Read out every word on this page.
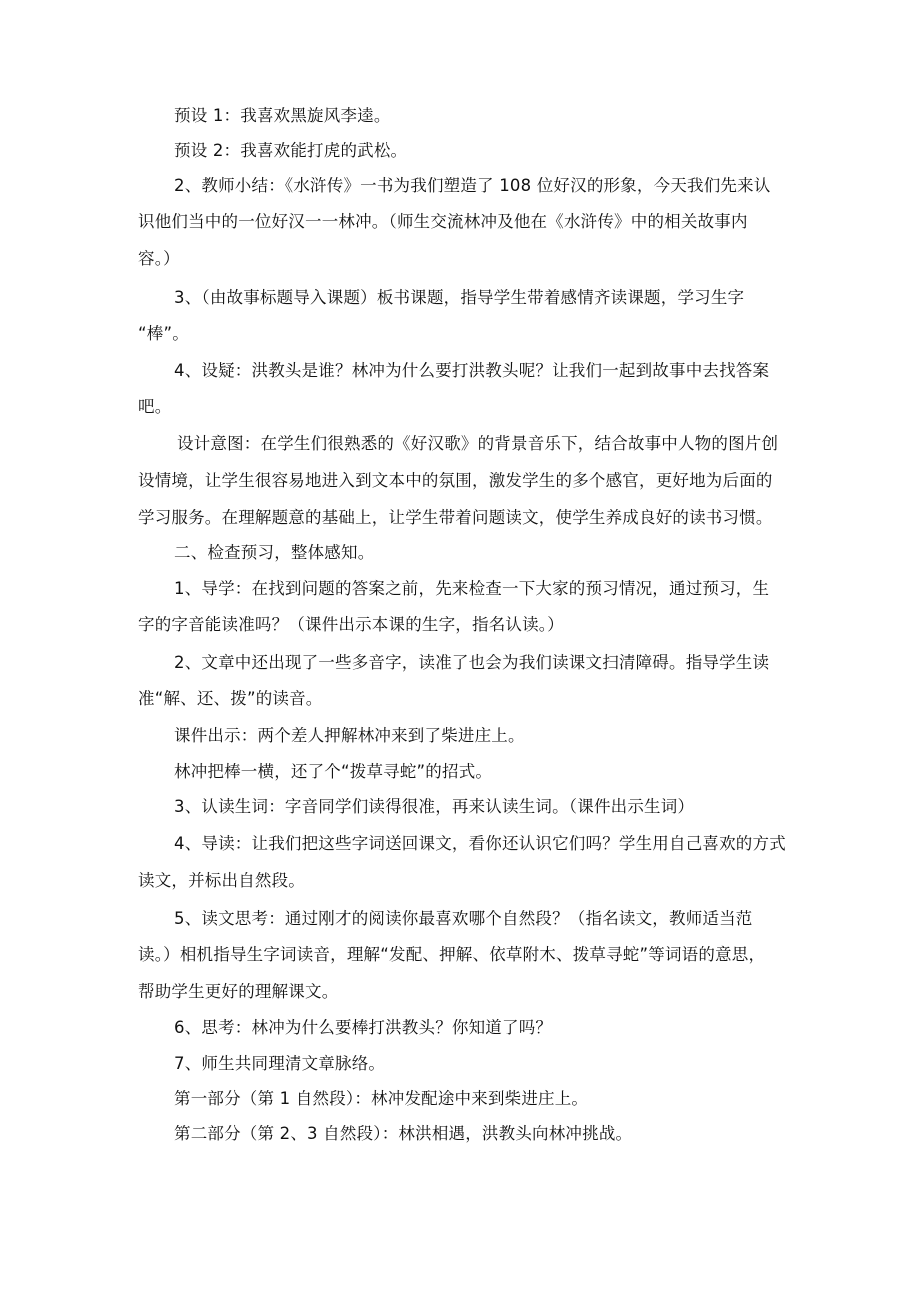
预设 1：我喜欢黑旋风李逵。
预设 2：我喜欢能打虎的武松。
2、教师小结：《水浒传》一书为我们塑造了 108 位好汉的形象，今天我们先来认
识他们当中的一位好汉一一林冲。（师生交流林冲及他在《水浒传》中的相关故事内
容。）
3、（由故事标题导入课题）板书课题，指导学生带着感情齐读课题，学习生字
“棒”。
4、设疑：洪教头是谁？林冲为什么要打洪教头呢？让我们一起到故事中去找答案
吧。
设计意图：在学生们很熟悉的《好汉歌》的背景音乐下，结合故事中人物的图片创
设情境，让学生很容易地进入到文本中的氛围，激发学生的多个感官，更好地为后面的
学习服务。在理解题意的基础上，让学生带着问题读文，使学生养成良好的读书习惯。
二、检查预习，整体感知。
1、导学：在找到问题的答案之前，先来检查一下大家的预习情况，通过预习，生
字的字音能读准吗？（课件出示本课的生字，指名认读。）
2、文章中还出现了一些多音字，读准了也会为我们读课文扫清障碍。指导学生读
准“解、还、拨”的读音。
课件出示：两个差人押解林冲来到了柴进庄上。
林冲把棒一横，还了个“拨草寻蛇”的招式。
3、认读生词：字音同学们读得很准，再来认读生词。（课件出示生词）
4、导读：让我们把这些字词送回课文，看你还认识它们吗？学生用自己喜欢的方式
读文，并标出自然段。
5、读文思考：通过刚才的阅读你最喜欢哪个自然段？（指名读文，教师适当范
读。）相机指导生字词读音，理解“发配、押解、依草附木、拨草寻蛇”等词语的意思，
帮助学生更好的理解课文。
6、思考：林冲为什么要棒打洪教头？你知道了吗？
7、师生共同理清文章脉络。
第一部分（第 1 自然段）：林冲发配途中来到柴进庄上。
第二部分（第 2、3 自然段）：林洪相遇，洪教头向林冲挑战。
